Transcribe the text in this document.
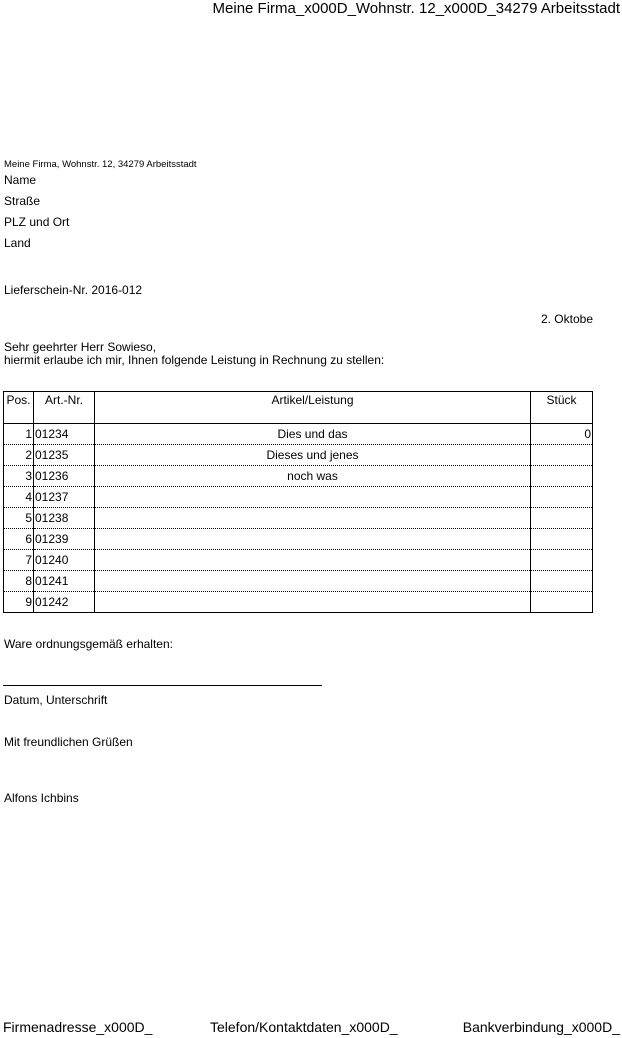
Meine Firma_x000D_Wohnstr. 12_x000D_34279 Arbeitsstadt
Meine Firma, Wohnstr. 12, 34279 Arbeitsstadt
Name
Straße
PLZ und Ort
Land
Lieferschein-Nr. 2016-012
2. Oktobe
Sehr geehrter Herr Sowieso,
hiermit erlaube ich mir, Ihnen folgende Leistung in Rechnung zu stellen:
Pos.	Art.-Nr.	Artikel/Leistung	Stück
1	01234	Dies und das	0
2	01235	Dieses und jenes	
3	01236	noch was	
4	01237		
5	01238		
6	01239		
7	01240		
8	01241		
9	01242		
Ware ordnungsgemäß erhalten:
Datum, Unterschrift
Mit freundlichen Grüßen
Alfons Ichbins
Firmenadresse_x000D_	Telefon/Kontaktdaten_x000D_	Bankverbindung_x000D_
